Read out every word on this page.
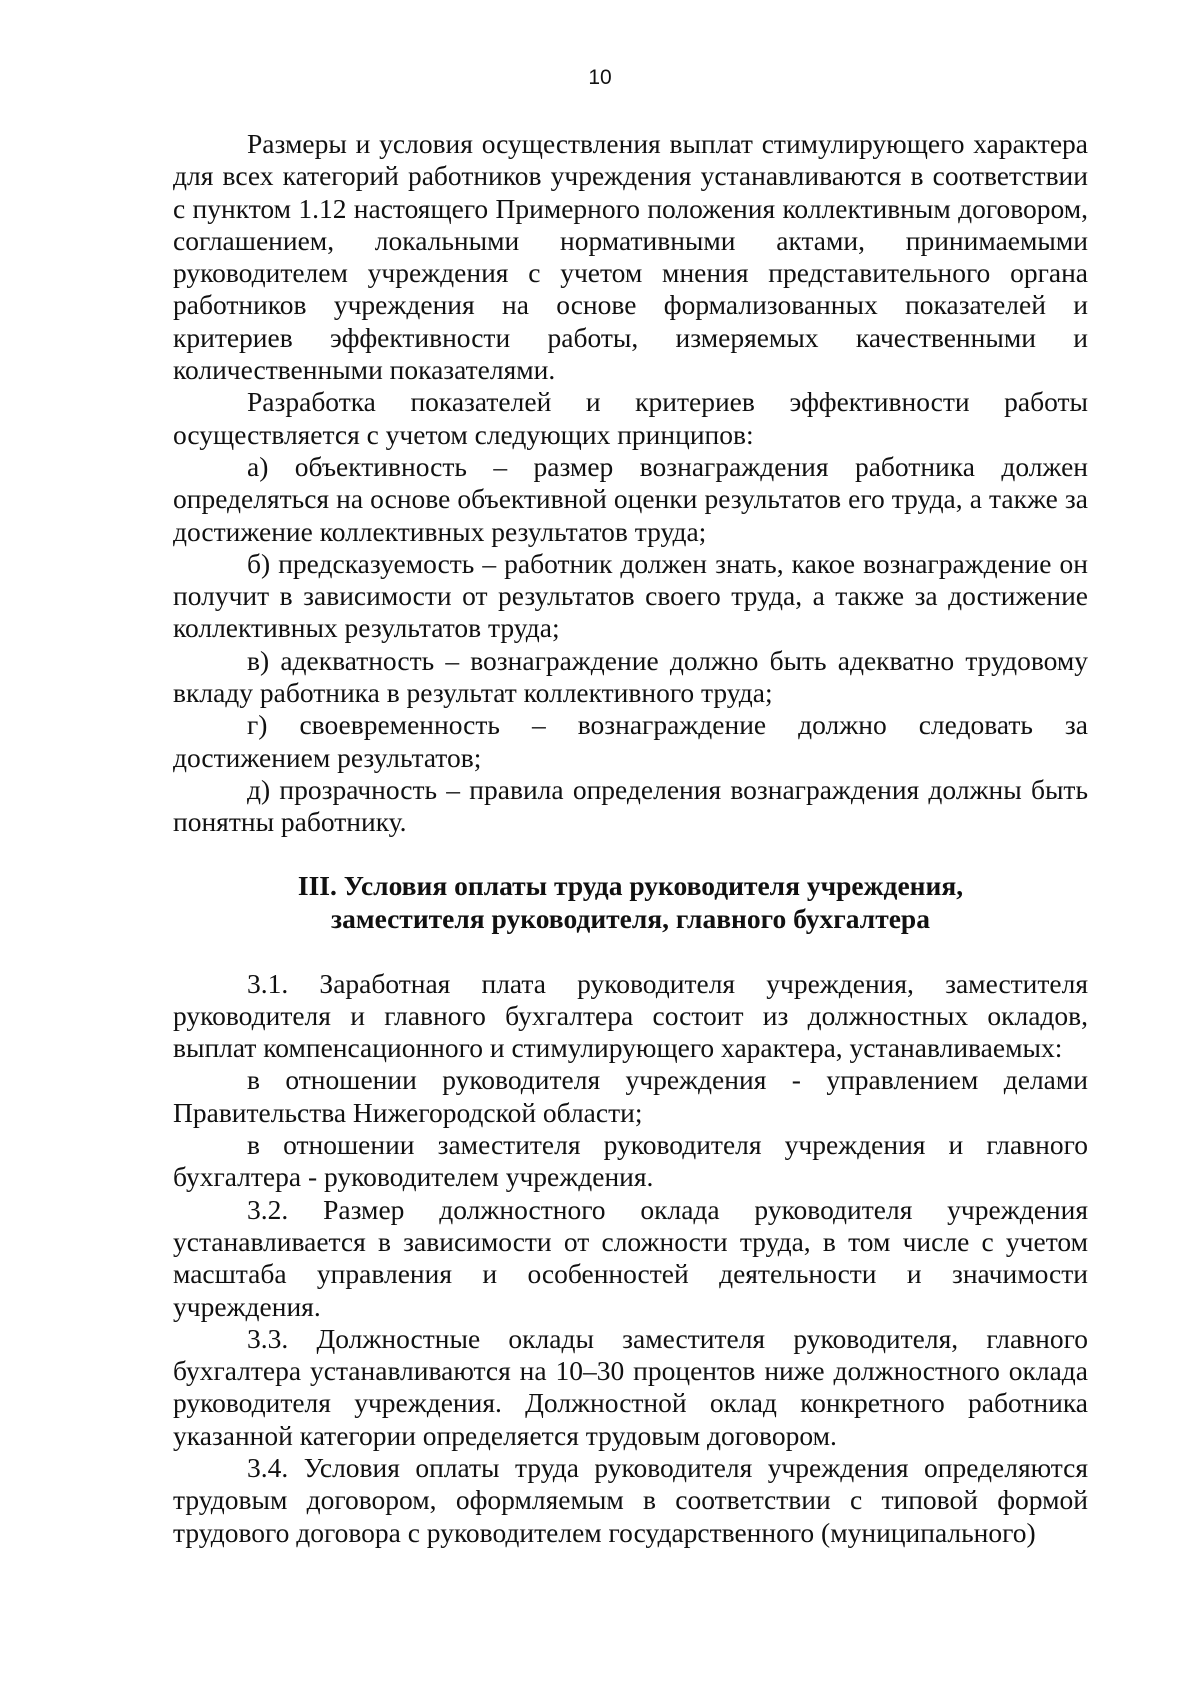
10

Размеры и условия осуществления выплат стимулирующего характера для всех категорий работников учреждения устанавливаются в соответствии с пунктом 1.12 настоящего Примерного положения коллективным договором, соглашением, локальными нормативными актами, принимаемыми руководителем учреждения с учетом мнения представительного органа работников учреждения на основе формализованных показателей и критериев эффективности работы, измеряемых качественными и количественными показателями.

Разработка показателей и критериев эффективности работы осуществляется с учетом следующих принципов:

а) объективность – размер вознаграждения работника должен определяться на основе объективной оценки результатов его труда, а также за достижение коллективных результатов труда;

б) предсказуемость – работник должен знать, какое вознаграждение он получит в зависимости от результатов своего труда, а также за достижение коллективных результатов труда;

в) адекватность – вознаграждение должно быть адекватно трудовому вкладу работника в результат коллективного труда;

г) своевременность – вознаграждение должно следовать за достижением результатов;

д) прозрачность – правила определения вознаграждения должны быть понятны работнику.

III. Условия оплаты труда руководителя учреждения,
заместителя руководителя, главного бухгалтера

3.1. Заработная плата руководителя учреждения, заместителя руководителя и главного бухгалтера состоит из должностных окладов, выплат компенсационного и стимулирующего характера, устанавливаемых:

в отношении руководителя учреждения - управлением делами Правительства Нижегородской области;

в отношении заместителя руководителя учреждения и главного бухгалтера - руководителем учреждения.

3.2. Размер должностного оклада руководителя учреждения устанавливается в зависимости от сложности труда, в том числе с учетом масштаба управления и особенностей деятельности и значимости учреждения.

3.3. Должностные оклады заместителя руководителя, главного бухгалтера устанавливаются на 10–30 процентов ниже должностного оклада руководителя учреждения. Должностной оклад конкретного работника указанной категории определяется трудовым договором.

3.4. Условия оплаты труда руководителя учреждения определяются трудовым договором, оформляемым в соответствии с типовой формой трудового договора с руководителем государственного (муниципального)
